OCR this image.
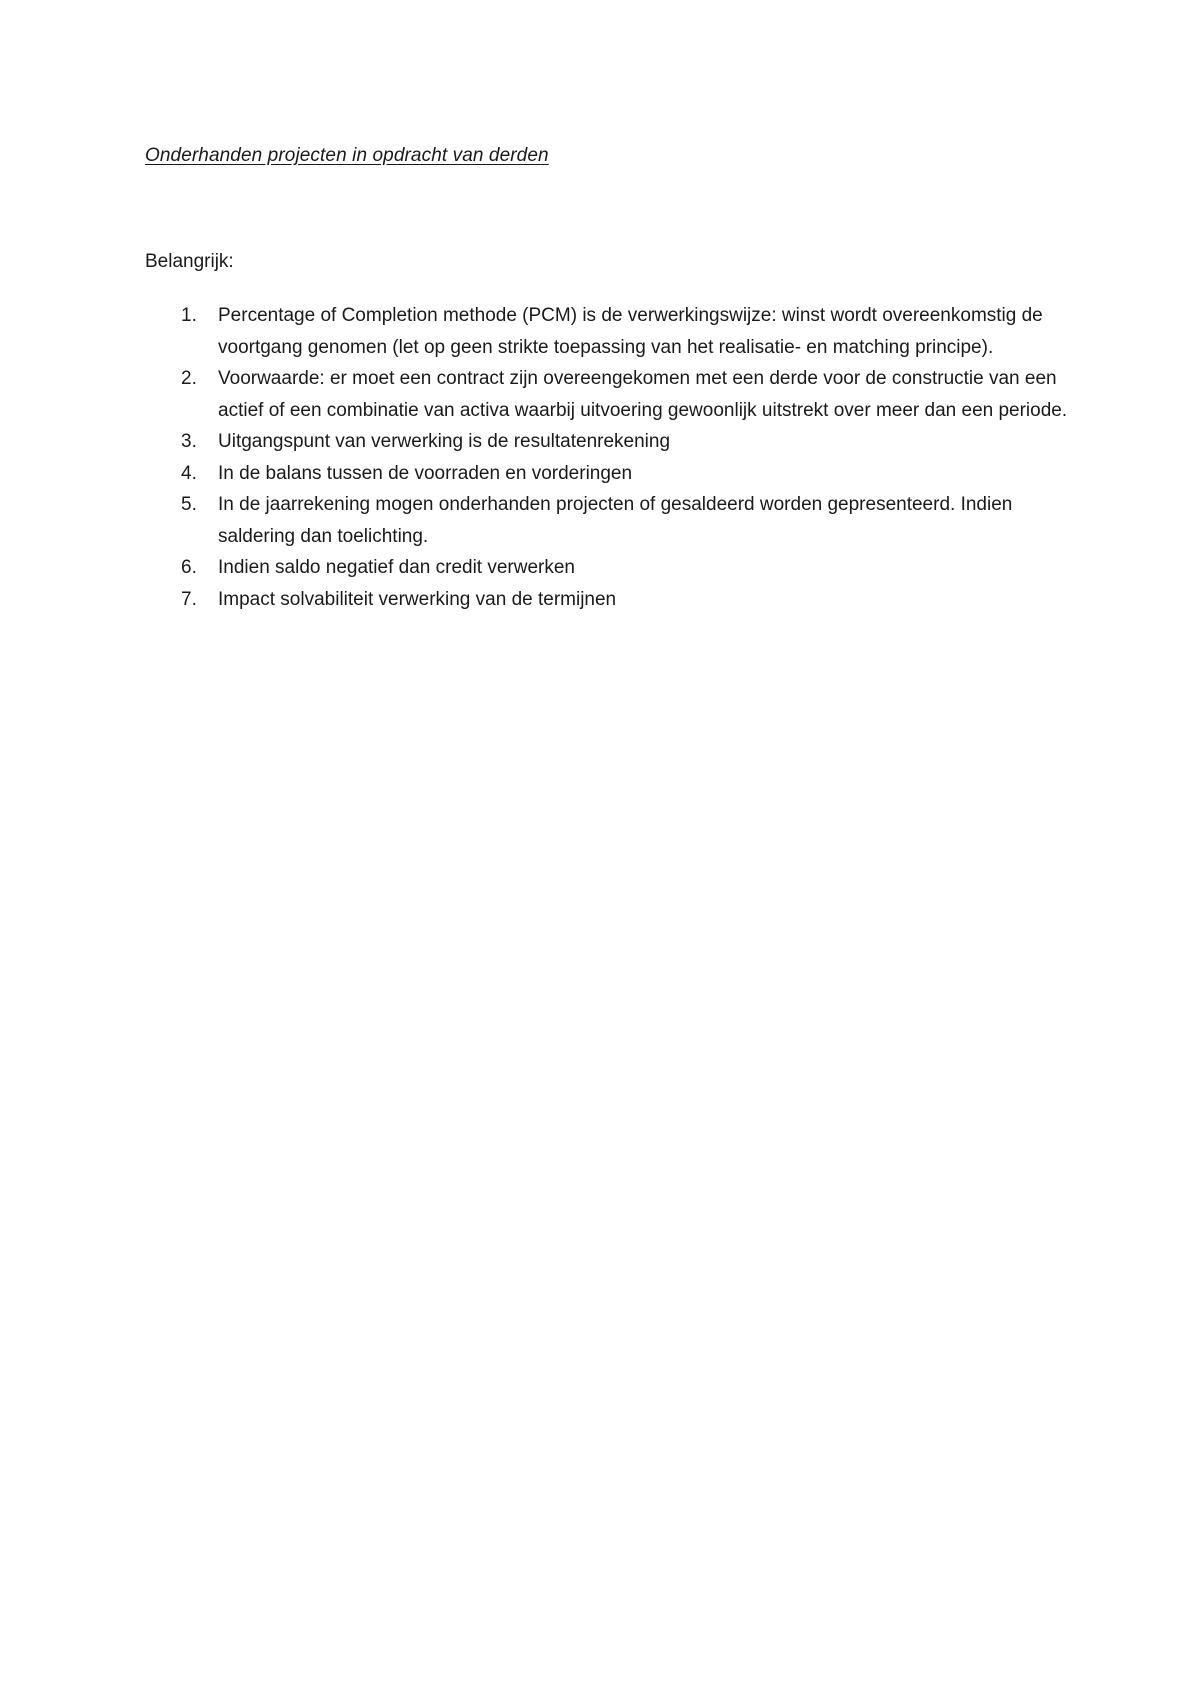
Onderhanden projecten in opdracht van derden

Belangrijk:

1. Percentage of Completion methode (PCM) is de verwerkingswijze: winst wordt overeenkomstig de voortgang genomen (let op geen strikte toepassing van het realisatie- en matching principe).
2. Voorwaarde: er moet een contract zijn overeengekomen met een derde voor de constructie van een actief of een combinatie van activa waarbij uitvoering gewoonlijk uitstrekt over meer dan een periode.
3. Uitgangspunt van verwerking is de resultatenrekening
4. In de balans tussen de voorraden en vorderingen
5. In de jaarrekening mogen onderhanden projecten of gesaldeerd worden gepresenteerd. Indien saldering dan toelichting.
6. Indien saldo negatief dan credit verwerken
7. Impact solvabiliteit verwerking van de termijnen
